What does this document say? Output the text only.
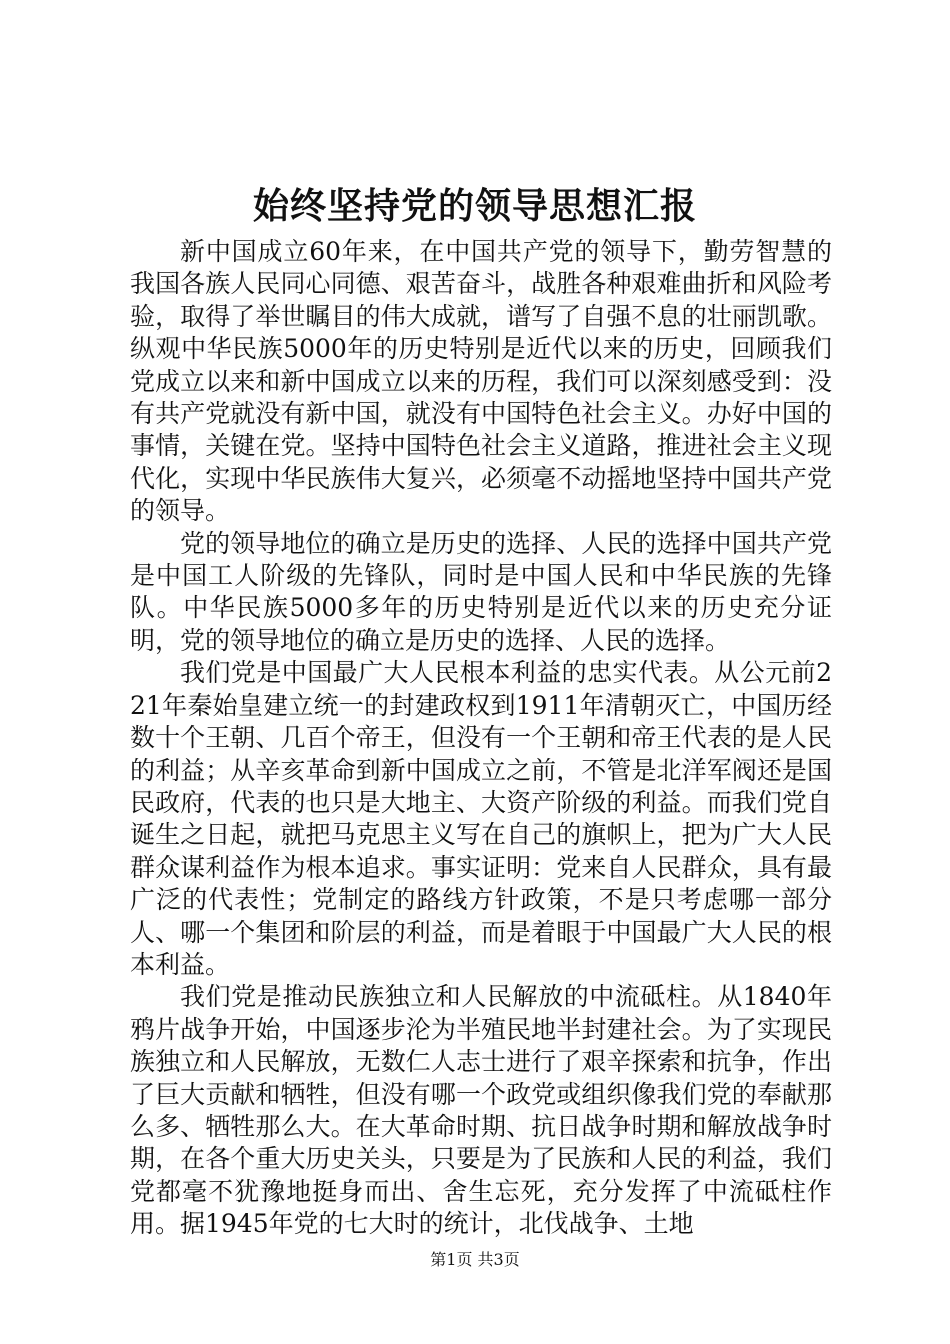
始终坚持党的领导思想汇报

新中国成立60年来，在中国共产党的领导下，勤劳智慧的我国各族人民同心同德、艰苦奋斗，战胜各种艰难曲折和风险考验，取得了举世瞩目的伟大成就，谱写了自强不息的壮丽凯歌。纵观中华民族5000年的历史特别是近代以来的历史，回顾我们党成立以来和新中国成立以来的历程，我们可以深刻感受到：没有共产党就没有新中国，就没有中国特色社会主义。办好中国的事情，关键在党。坚持中国特色社会主义道路，推进社会主义现代化，实现中华民族伟大复兴，必须毫不动摇地坚持中国共产党的领导。

党的领导地位的确立是历史的选择、人民的选择中国共产党是中国工人阶级的先锋队，同时是中国人民和中华民族的先锋队。中华民族5000多年的历史特别是近代以来的历史充分证明，党的领导地位的确立是历史的选择、人民的选择。

我们党是中国最广大人民根本利益的忠实代表。从公元前221年秦始皇建立统一的封建政权到1911年清朝灭亡，中国历经数十个王朝、几百个帝王，但没有一个王朝和帝王代表的是人民的利益；从辛亥革命到新中国成立之前，不管是北洋军阀还是国民政府，代表的也只是大地主、大资产阶级的利益。而我们党自诞生之日起，就把马克思主义写在自己的旗帜上，把为广大人民群众谋利益作为根本追求。事实证明：党来自人民群众，具有最广泛的代表性；党制定的路线方针政策，不是只考虑哪一部分人、哪一个集团和阶层的利益，而是着眼于中国最广大人民的根本利益。

我们党是推动民族独立和人民解放的中流砥柱。从1840年鸦片战争开始，中国逐步沦为半殖民地半封建社会。为了实现民族独立和人民解放，无数仁人志士进行了艰辛探索和抗争，作出了巨大贡献和牺牲，但没有哪一个政党或组织像我们党的奉献那么多、牺牲那么大。在大革命时期、抗日战争时期和解放战争时期，在各个重大历史关头，只要是为了民族和人民的利益，我们党都毫不犹豫地挺身而出、舍生忘死，充分发挥了中流砥柱作用。据1945年党的七大时的统计，北伐战争、土地

第1页 共3页
